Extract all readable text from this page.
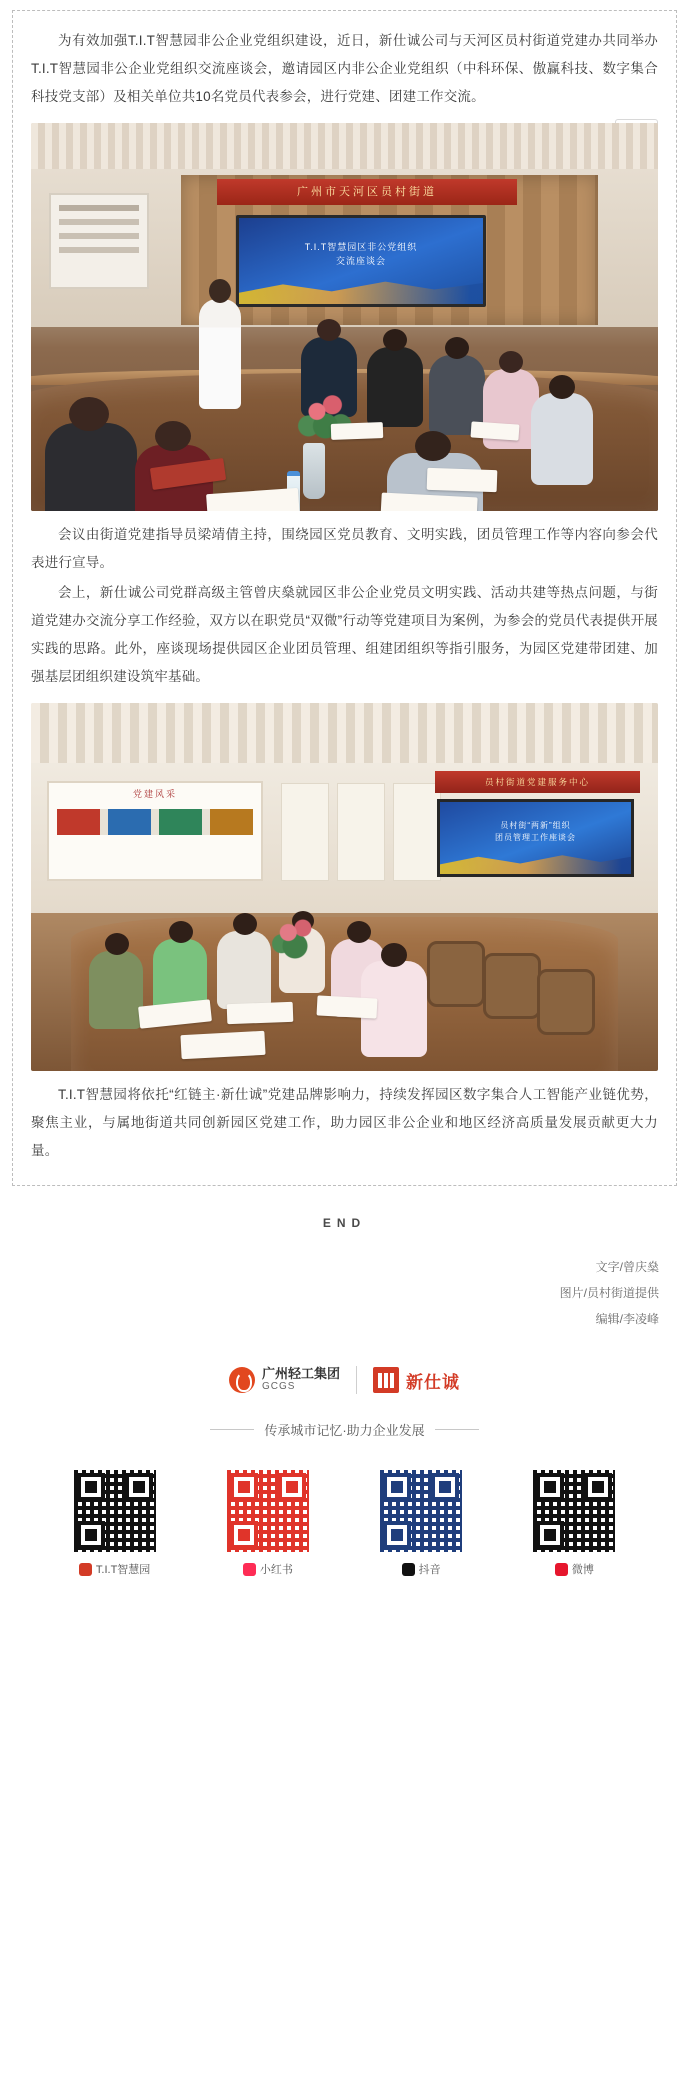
为有效加强T.I.T智慧园非公企业党组织建设，近日，新仕诚公司与天河区员村街道党建办共同举办T.I.T智慧园非公企业党组织交流座谈会，邀请园区内非公企业党组织（中科环保、傲赢科技、数字集合科技党支部）及相关单位共10名党员代表参会，进行党建、团建工作交流。

广州市天河区员村街道
T.I.T智慧园区非公党组织
交流座谈会

会议由街道党建指导员梁靖倩主持，围绕园区党员教育、文明实践，团员管理工作等内容向参会代表进行宣导。

会上，新仕诚公司党群高级主管曾庆燊就园区非公企业党员文明实践、活动共建等热点问题，与街道党建办交流分享工作经验，双方以在职党员“双微”行动等党建项目为案例，为参会的党员代表提供开展实践的思路。此外，座谈现场提供园区企业团员管理、组建团组织等指引服务，为园区党建带团建、加强基层团组织建设筑牢基础。

党建风采
员村街道党建服务中心
员村街“两新”组织
团员管理工作座谈会

T.I.T智慧园将依托“红链主·新仕诚”党建品牌影响力，持续发挥园区数字集合人工智能产业链优势，聚焦主业，与属地街道共同创新园区党建工作，助力园区非公企业和地区经济高质量发展贡献更大力量。

END
文字/曾庆燊
图片/员村街道提供
编辑/李凌峰
广州轻工集团
GCGS	新仕诚
传承城市记忆·助力企业发展
T.I.T智慧园	小红书	抖音	微博
